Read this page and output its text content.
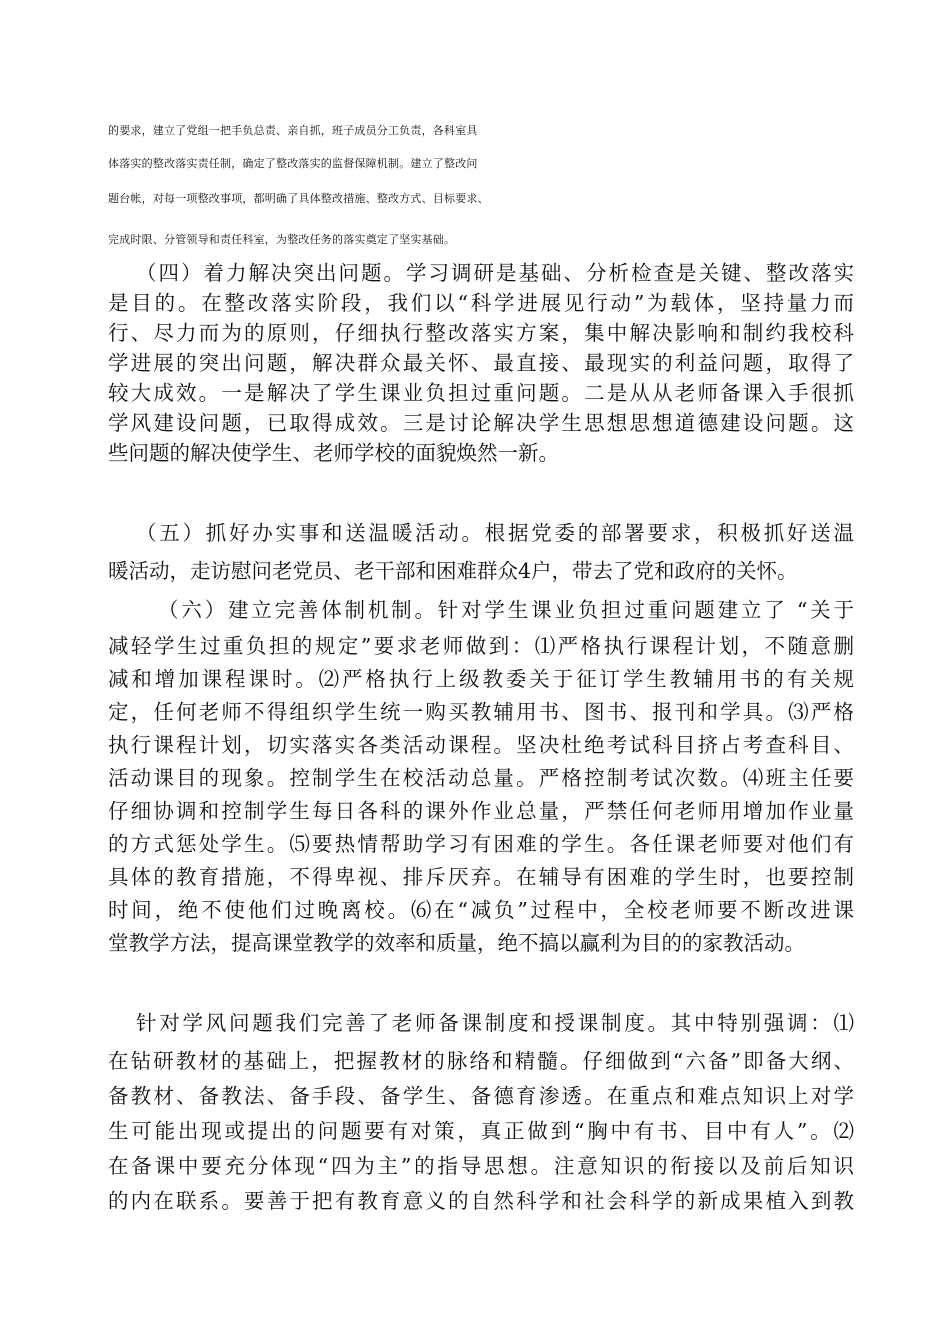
的要求，建立了党组一把手负总责、亲自抓，班子成员分工负责，各科室具
体落实的整改落实责任制，确定了整改落实的监督保障机制。建立了整改问
题台帐，对每一项整改事项，都明确了具体整改措施、整改方式、目标要求、
完成时限、分管领导和责任科室，为整改任务的落实奠定了坚实基础。
（四）着力解决突出问题。学习调研是基础、分析检查是关键、整改落实
是目的。在整改落实阶段，我们以“科学进展见行动”为载体，坚持量力而
行、尽力而为的原则，仔细执行整改落实方案，集中解决影响和制约我校科
学进展的突出问题，解决群众最关怀、最直接、最现实的利益问题，取得了
较大成效。一是解决了学生课业负担过重问题。二是从从老师备课入手很抓
学风建设问题，已取得成效。三是讨论解决学生思想思想道德建设问题。这
些问题的解决使学生、老师学校的面貌焕然一新。
（五）抓好办实事和送温暖活动。根据党委的部署要求，积极抓好送温
暖活动，走访慰问老党员、老干部和困难群众4户，带去了党和政府的关怀。
（六）建立完善体制机制。针对学生课业负担过重问题建立了 “关于
减轻学生过重负担的规定”要求老师做到：⑴严格执行课程计划，不随意删
减和增加课程课时。⑵严格执行上级教委关于征订学生教辅用书的有关规
定，任何老师不得组织学生统一购买教辅用书、图书、报刊和学具。⑶严格
执行课程计划，切实落实各类活动课程。坚决杜绝考试科目挤占考查科目、
活动课目的现象。控制学生在校活动总量。严格控制考试次数。⑷班主任要
仔细协调和控制学生每日各科的课外作业总量，严禁任何老师用增加作业量
的方式惩处学生。⑸要热情帮助学习有困难的学生。各任课老师要对他们有
具体的教育措施，不得卑视、排斥厌弃。在辅导有困难的学生时，也要控制
时间，绝不使他们过晚离校。⑹在“减负”过程中，全校老师要不断改进课
堂教学方法，提高课堂教学的效率和质量，绝不搞以赢利为目的的家教活动。
针对学风问题我们完善了老师备课制度和授课制度。其中特别强调：⑴
在钻研教材的基础上，把握教材的脉络和精髓。仔细做到“六备”即备大纲、
备教材、备教法、备手段、备学生、备德育渗透。在重点和难点知识上对学
生可能出现或提出的问题要有对策，真正做到“胸中有书、目中有人”。⑵
在备课中要充分体现“四为主”的指导思想。注意知识的衔接以及前后知识
的内在联系。要善于把有教育意义的自然科学和社会科学的新成果植入到教
